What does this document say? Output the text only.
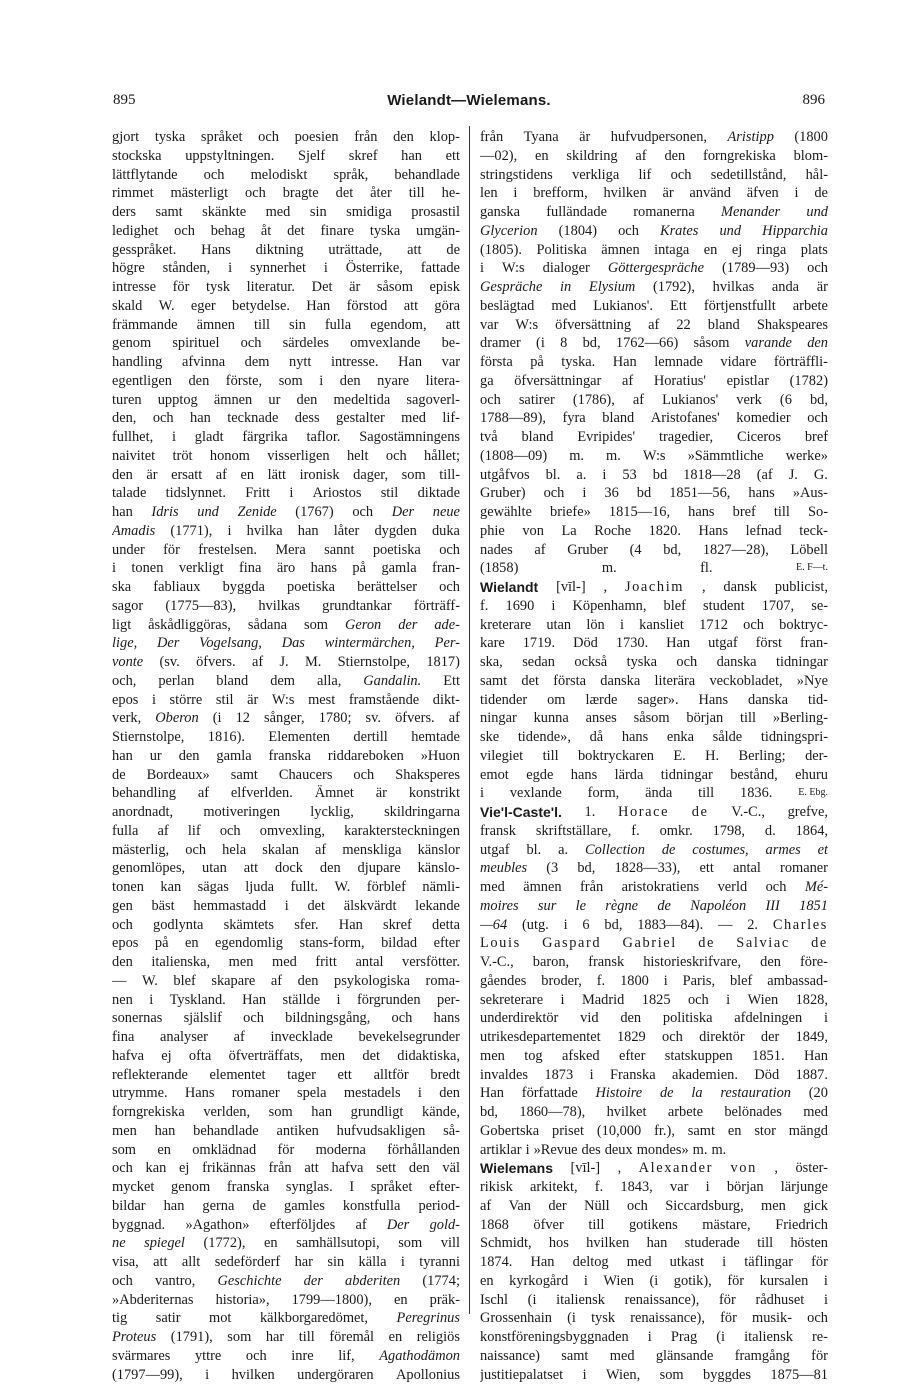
895	Wielandt—Wielemans.	896
gjort tyska språket och poesien från den klop-
stockska uppstyltningen. Sjelf skref han ett
lättflytande och melodiskt språk, behandlade
rimmet mästerligt och bragte det åter till he-
ders samt skänkte med sin smidiga prosastil
ledighet och behag åt det finare tyska umgän-
gesspråket. Hans diktning uträttade, att de
högre stånden, i synnerhet i Österrike, fattade
intresse för tysk literatur. Det är såsom episk
skald W. eger betydelse. Han förstod att göra
främmande ämnen till sin fulla egendom, att
genom spirituel och särdeles omvexlande be-
handling afvinna dem nytt intresse. Han var
egentligen den förste, som i den nyare litera-
turen upptog ämnen ur den medeltida sagoverl-
den, och han tecknade dess gestalter med lif-
fullhet, i gladt färgrika taflor. Sagostämningens
naivitet tröt honom visserligen helt och hållet;
den är ersatt af en lätt ironisk dager, som till-
talade tidslynnet. Fritt i Ariostos stil diktade
han Idris und Zenide (1767) och Der neue
Amadis (1771), i hvilka han låter dygden duka
under för frestelsen. Mera sannt poetiska och
i tonen verkligt fina äro hans på gamla fran-
ska fabliaux byggda poetiska berättelser och
sagor (1775—83), hvilkas grundtankar förträff-
ligt åskådliggöras, sådana som Geron der ade-
lige, Der Vogelsang, Das wintermärchen, Per-
vonte (sv. öfvers. af J. M. Stiernstolpe, 1817)
och, perlan bland dem alla, Gandalin. Ett
epos i större stil är W:s mest framstående dikt-
verk, Oberon (i 12 sånger, 1780; sv. öfvers. af
Stiernstolpe, 1816). Elementen dertill hemtade
han ur den gamla franska riddareboken »Huon
de Bordeaux» samt Chaucers och Shaksperes
behandling af elfverlden. Ämnet är konstrikt
anordnadt, motiveringen lycklig, skildringarna
fulla af lif och omvexling, karaktersteckningen
mästerlig, och hela skalan af menskliga känslor
genomlöpes, utan att dock den djupare känslo-
tonen kan sägas ljuda fullt. W. förblef nämli-
gen bäst hemmastadd i det älskvärdt lekande
och godlynta skämtets sfer. Han skref detta
epos på en egendomlig stans-form, bildad efter
den italienska, men med fritt antal versfötter.
— W. blef skapare af den psykologiska roma-
nen i Tyskland. Han ställde i förgrunden per-
sonernas själslif och bildningsgång, och hans
fina analyser af invecklade bevekelsegrunder
hafva ej ofta öfverträffats, men det didaktiska,
reflekterande elementet tager ett alltför bredt
utrymme. Hans romaner spela mestadels i den
forngrekiska verlden, som han grundligt kände,
men han behandlade antiken hufvudsakligen så-
som en omklädnad för moderna förhållanden
och kan ej frikännas från att hafva sett den väl
mycket genom franska synglas. I språket efter-
bildar han gerna de gamles konstfulla period-
byggnad. »Agathon» efterföljdes af Der gold-
ne spiegel (1772), en samhällsutopi, som vill
visa, att allt sedeförderf har sin källa i tyranni
och vantro, Geschichte der abderiten (1774;
»Abderiternas historia», 1799—1800), en präk-
tig satir mot kälkborgaredömet, Peregrinus
Proteus (1791), som har till föremål en religiös
svärmares yttre och inre lif, Agathodämon
(1797—99), i hvilken undergöraren Apollonius
från Tyana är hufvudpersonen, Aristipp (1800
—02), en skildring af den forngrekiska blom-
stringstidens verkliga lif och sedetillstånd, hål-
len i brefform, hvilken är använd äfven i de
ganska fulländade romanerna Menander und
Glycerion (1804) och Krates und Hipparchia
(1805). Politiska ämnen intaga en ej ringa plats
i W:s dialoger Göttergespräche (1789—93) och
Gespräche in Elysium (1792), hvilkas anda är
beslägtad med Lukianos'. Ett förtjenstfullt arbete
var W:s öfversättning af 22 bland Shakspeares
dramer (i 8 bd, 1762—66) såsom varande den
första på tyska. Han lemnade vidare förträffli-
ga öfversättningar af Horatius' epistlar (1782)
och satirer (1786), af Lukianos' verk (6 bd,
1788—89), fyra bland Aristofanes' komedier och
två bland Evripides' tragedier, Ciceros bref
(1808—09) m. m. W:s »Sämmtliche werke»
utgåfvos bl. a. i 53 bd 1818—28 (af J. G.
Gruber) och i 36 bd 1851—56, hans »Aus-
gewählte briefe» 1815—16, hans bref till So-
phie von La Roche 1820. Hans lefnad teck-
nades af Gruber (4 bd, 1827—28), Löbell
(1858)	m.	fl.	E. F—t.
Wielandt [vīl-] , Joachim , dansk publicist,
f. 1690 i Köpenhamn, blef student 1707, se-
kreterare utan lön i kansliet 1712 och boktryc-
kare 1719. Död 1730. Han utgaf först fran-
ska, sedan också tyska och danska tidningar
samt det första danska literära veckobladet, »Nye
tidender om lærde sager». Hans danska tid-
ningar kunna anses såsom början till »Berling-
ske tidende», då hans enka sålde tidningspri-
vilegiet till boktryckaren E. H. Berling; der-
emot egde hans lärda tidningar bestånd, ehuru
i vexlande form, ända till 1836.	E. Ebg.
Vie'l-Caste'l. 1. Horace de V.-C., grefve,
fransk skriftställare, f. omkr. 1798, d. 1864,
utgaf bl. a. Collection de costumes, armes et
meubles (3 bd, 1828—33), ett antal romaner
med ämnen från aristokratiens verld och Mé-
moires sur le règne de Napoléon III 1851
—64 (utg. i 6 bd, 1883—84). — 2. Charles
Louis Gaspard Gabriel de Salviac de
V.-C., baron, fransk historieskrifvare, den före-
gåendes broder, f. 1800 i Paris, blef ambassad-
sekreterare i Madrid 1825 och i Wien 1828,
underdirektör vid den politiska afdelningen i
utrikesdepartementet 1829 och direktör der 1849,
men tog afsked efter statskuppen 1851. Han
invaldes 1873 i Franska akademien. Död 1887.
Han författade Histoire de la restauration (20
bd, 1860—78), hvilket arbete belönades med
Gobertska priset (10,000 fr.), samt en stor mängd
artiklar i »Revue des deux mondes» m. m.
Wielemans [vīl-] , Alexander von , öster-
rikisk arkitekt, f. 1843, var i början lärjunge
af Van der Nüll och Siccardsburg, men gick
1868 öfver till gotikens mästare, Friedrich
Schmidt, hos hvilken han studerade till hösten
1874. Han deltog med utkast i täflingar för
en kyrkogård i Wien (i gotik), för kursalen i
Ischl (i italiensk renaissance), för rådhuset i
Grossenhain (i tysk renaissance), för musik- och
konstföreningsbyggnaden i Prag (i italiensk re-
naissance) samt med glänsande framgång för
justitiepalatset i Wien, som byggdes 1875—81
